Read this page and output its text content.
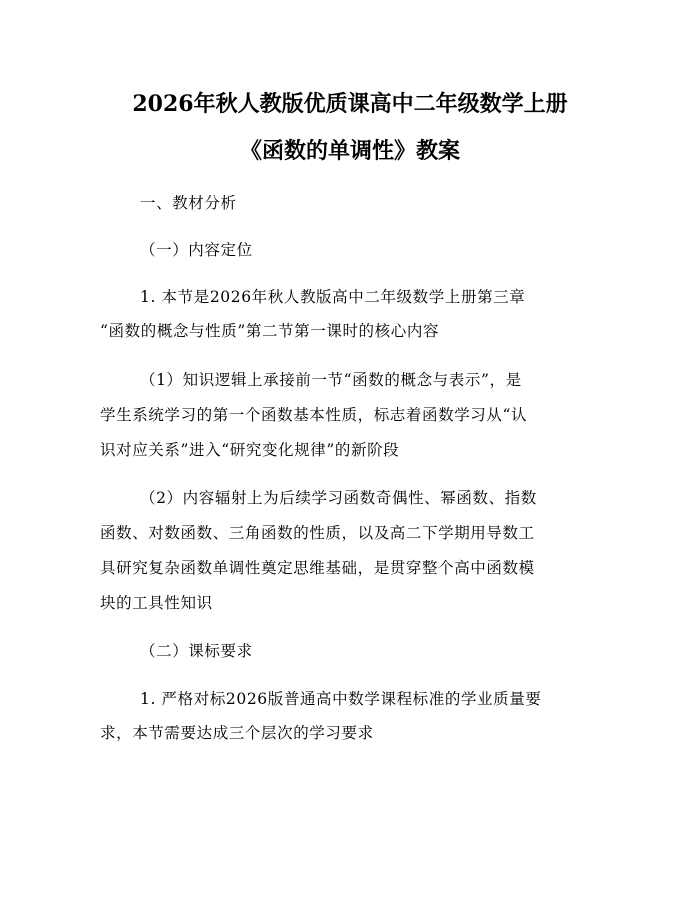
2026年秋人教版优质课高中二年级数学上册
《函数的单调性》教案
一、教材分析
（一）内容定位
1. 本节是2026年秋人教版高中二年级数学上册第三章
“函数的概念与性质”第二节第一课时的核心内容
（1）知识逻辑上承接前一节“函数的概念与表示”，是
学生系统学习的第一个函数基本性质，标志着函数学习从“认
识对应关系”进入“研究变化规律”的新阶段
（2）内容辐射上为后续学习函数奇偶性、幂函数、指数
函数、对数函数、三角函数的性质，以及高二下学期用导数工
具研究复杂函数单调性奠定思维基础，是贯穿整个高中函数模
块的工具性知识
（二）课标要求
1. 严格对标2026版普通高中数学课程标准的学业质量要
求，本节需要达成三个层次的学习要求
